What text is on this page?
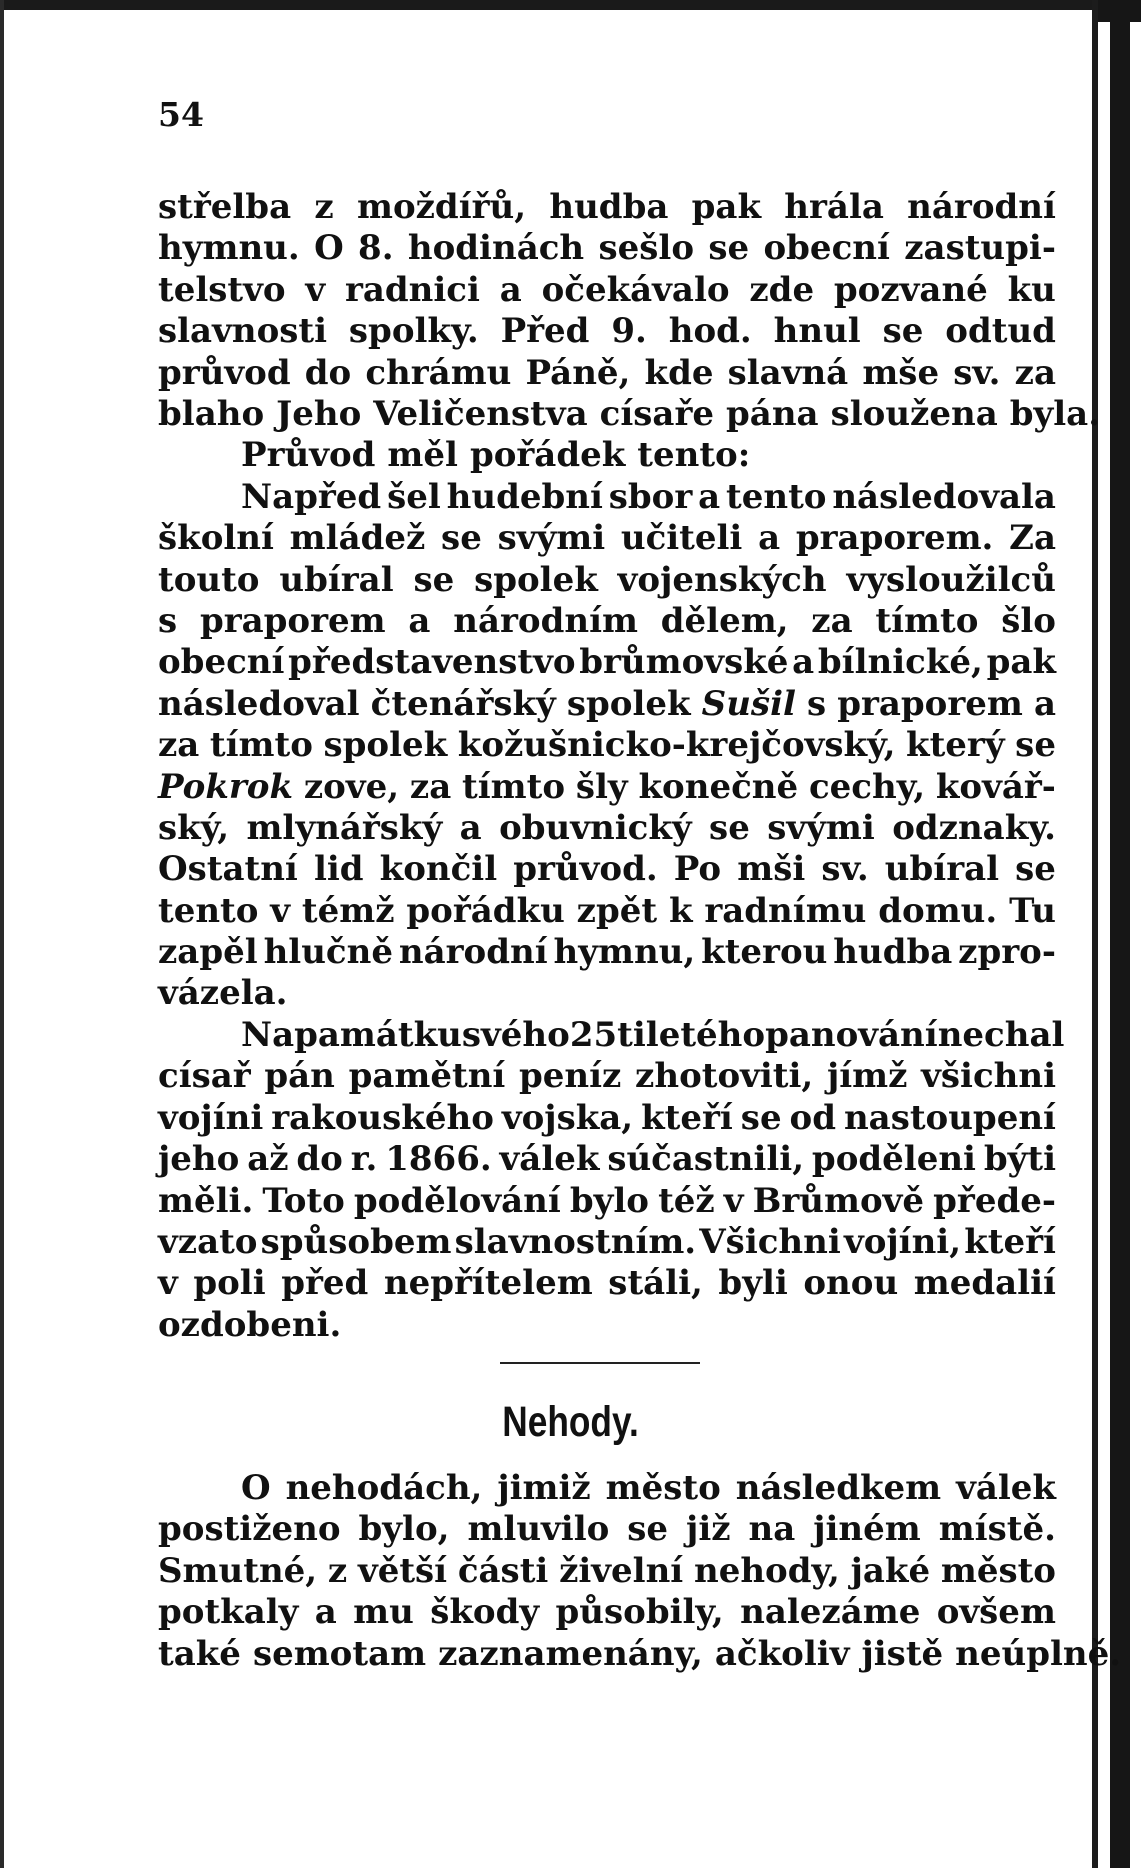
54
střelba z moždířů, hudba pak hrála národní
hymnu. O 8. hodinách sešlo se obecní zastupi-
telstvo v radnici a očekávalo zde pozvané ku
slavnosti spolky. Před 9. hod. hnul se odtud
průvod do chrámu Páně, kde slavná mše sv. za
blaho Jeho Veličenstva císaře pána sloužena byla.
Průvod měl pořádek tento:
Napřed šel hudební sbor a tento následovala
školní mládež se svými učiteli a praporem. Za
touto ubíral se spolek vojenských vysloužilců
s praporem a národním dělem, za tímto šlo
obecní představenstvo brůmovské a bílnické, pak
následoval čtenářský spolek Sušil s praporem a
za tímto spolek kožušnicko-krejčovský, který se
Pokrok zove, za tímto šly konečně cechy, kovář-
ský, mlynářský a obuvnický se svými odznaky.
Ostatní lid končil průvod. Po mši sv. ubíral se
tento v témž pořádku zpět k radnímu domu. Tu
zapěl hlučně národní hymnu, kterou hudba zpro-
vázela.
Na památku svého 25tiletého panování nechal
císař pán pamětní peníz zhotoviti, jímž všichni
vojíni rakouského vojska, kteří se od nastoupení
jeho až do r. 1866. válek súčastnili, poděleni býti
měli. Toto podělování bylo též v Brůmově přede-
vzato spůsobem slavnostním. Všichni vojíni, kteří
v poli před nepřítelem stáli, byli onou medalií
ozdobeni.
Nehody.
O nehodách, jimiž město následkem válek
postiženo bylo, mluvilo se již na jiném místě.
Smutné, z větší části živelní nehody, jaké město
potkaly a mu škody působily, nalezáme ovšem
také semotam zaznamenány, ačkoliv jistě neúplně.
